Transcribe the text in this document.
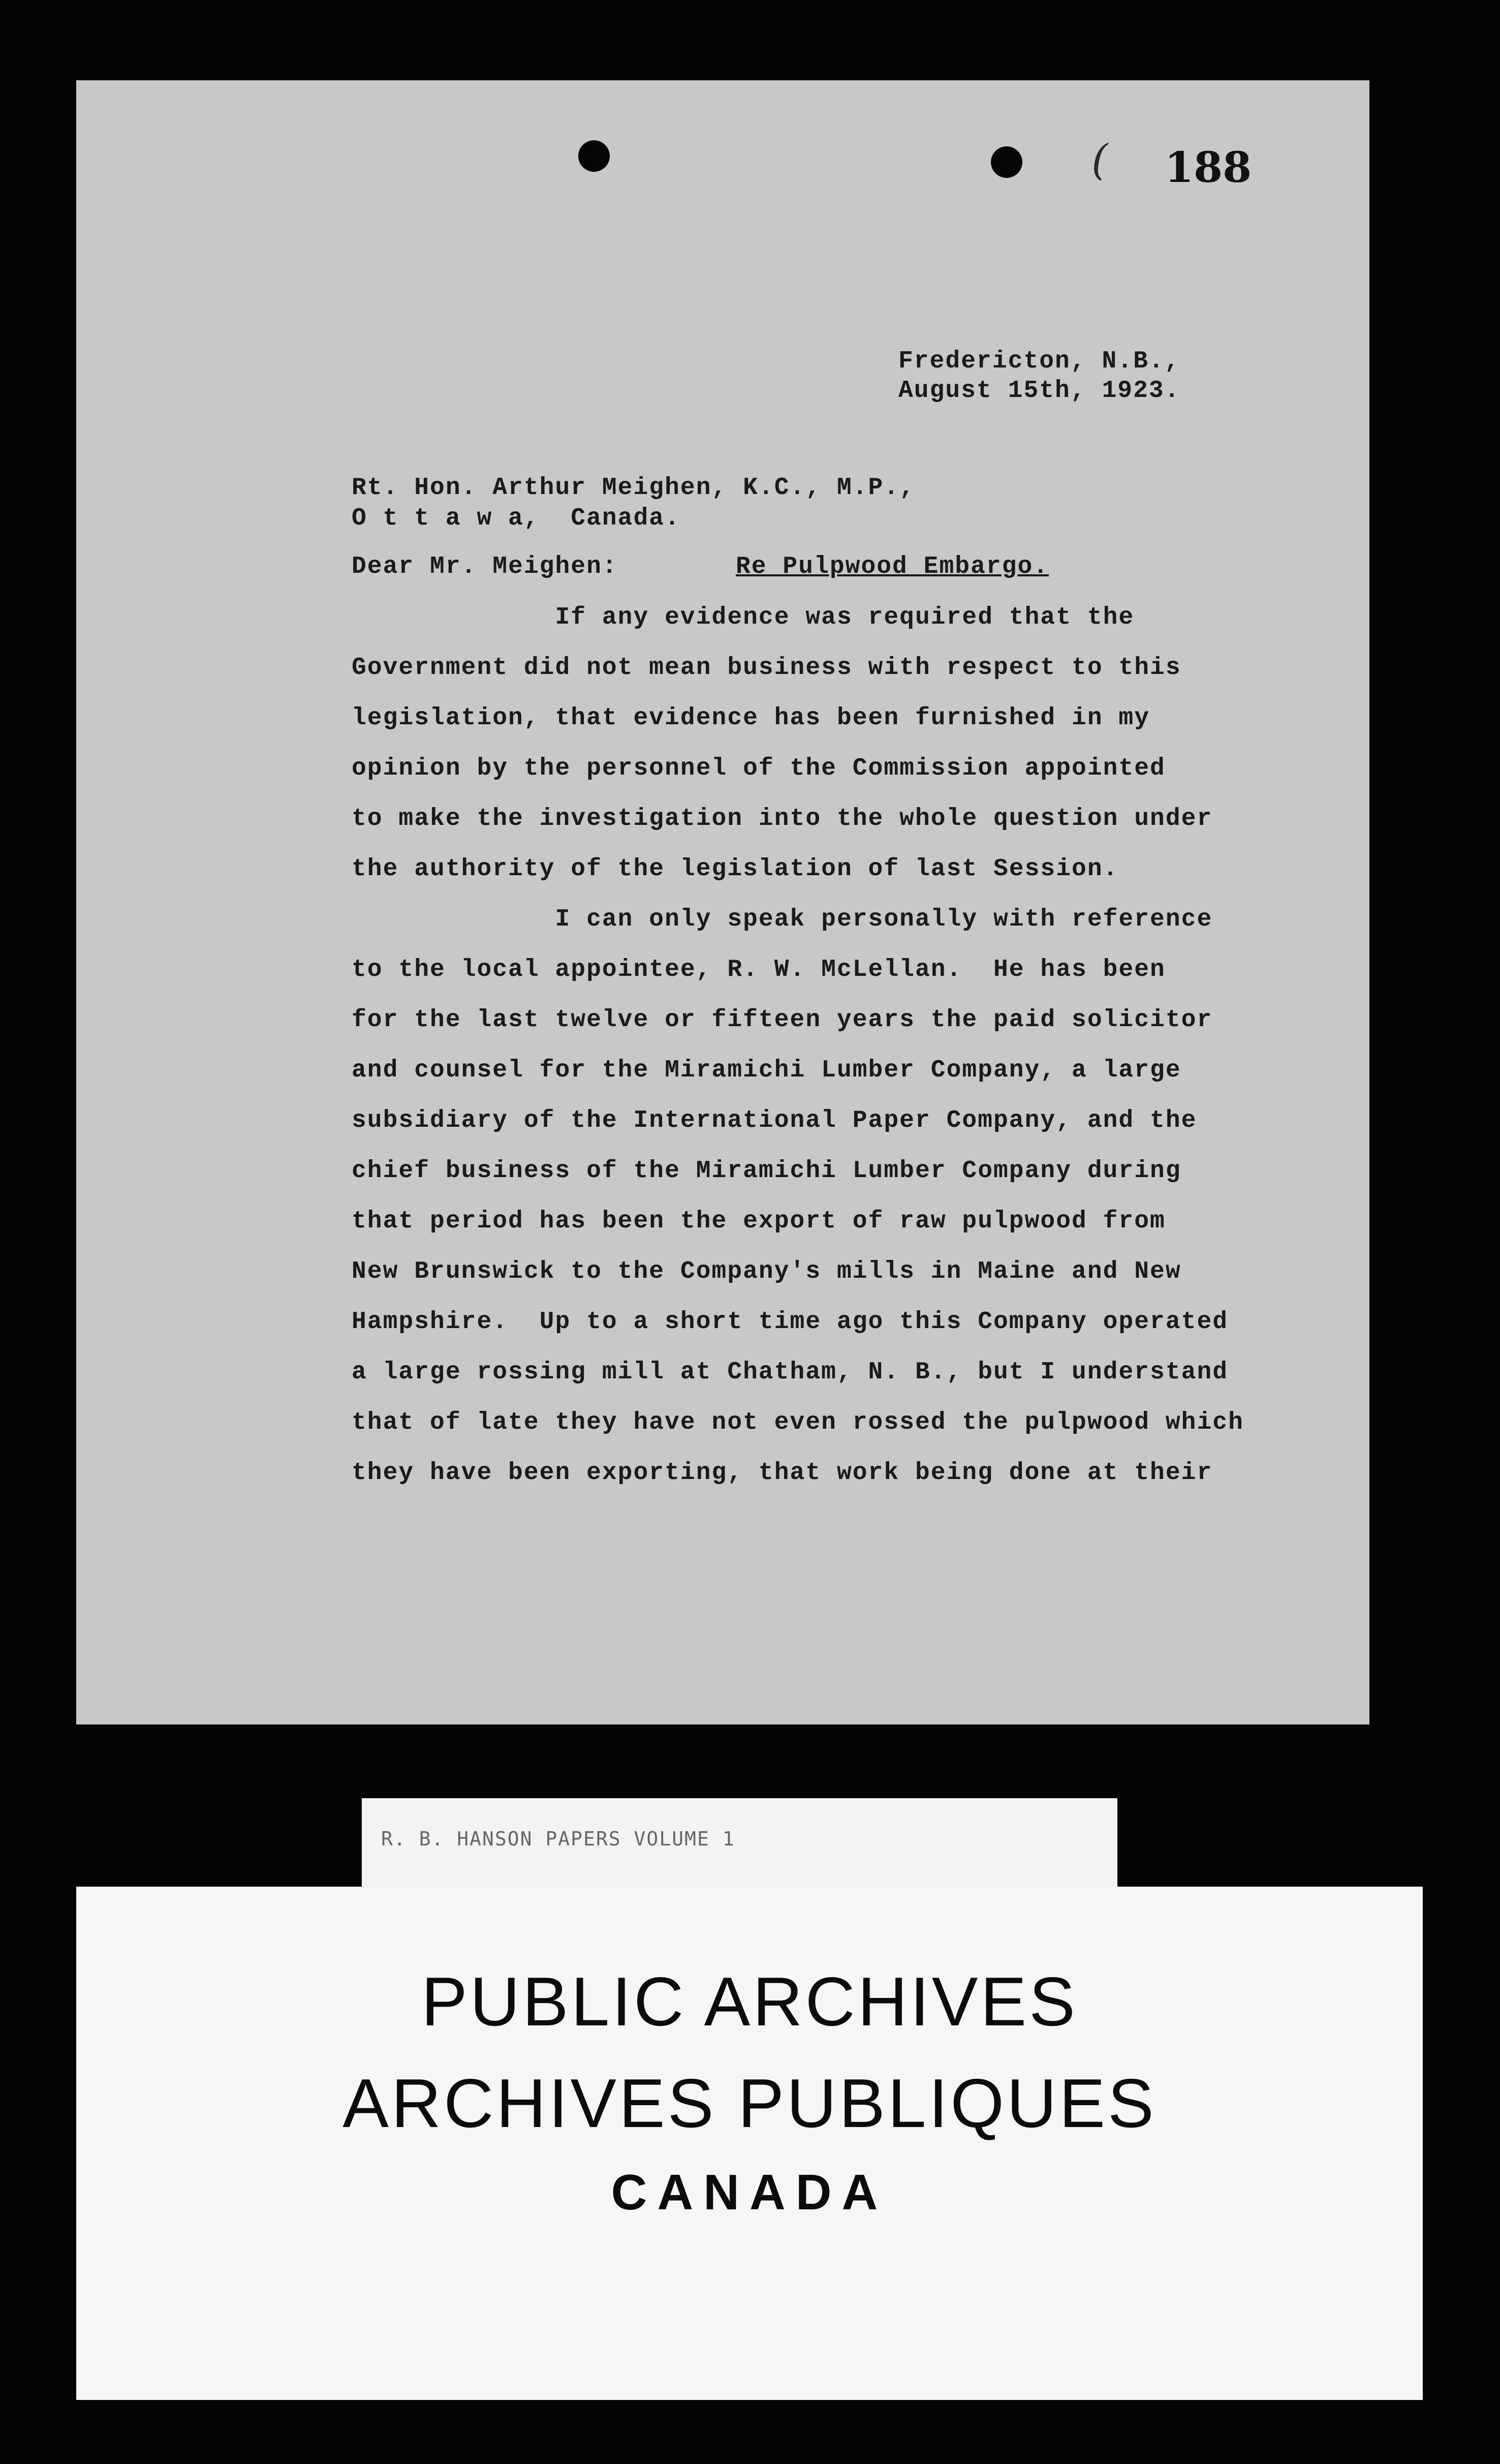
( 188
Fredericton, N.B.,
August 15th, 1923.
Rt. Hon. Arthur Meighen, K.C., M.P.,
O t t a w a,  Canada.
Dear Mr. Meighen:	Re Pulpwood Embargo.
If any evidence was required that the
Government did not mean business with respect to this
legislation, that evidence has been furnished in my
opinion by the personnel of the Commission appointed
to make the investigation into the whole question under
the authority of the legislation of last Session.
I can only speak personally with reference
to the local appointee, R. W. McLellan.  He has been
for the last twelve or fifteen years the paid solicitor
and counsel for the Miramichi Lumber Company, a large
subsidiary of the International Paper Company, and the
chief business of the Miramichi Lumber Company during
that period has been the export of raw pulpwood from
New Brunswick to the Company's mills in Maine and New
Hampshire.  Up to a short time ago this Company operated
a large rossing mill at Chatham, N. B., but I understand
that of late they have not even rossed the pulpwood which
they have been exporting, that work being done at their
R. B. HANSON PAPERS VOLUME 1
PUBLIC ARCHIVES
ARCHIVES PUBLIQUES
CANADA
